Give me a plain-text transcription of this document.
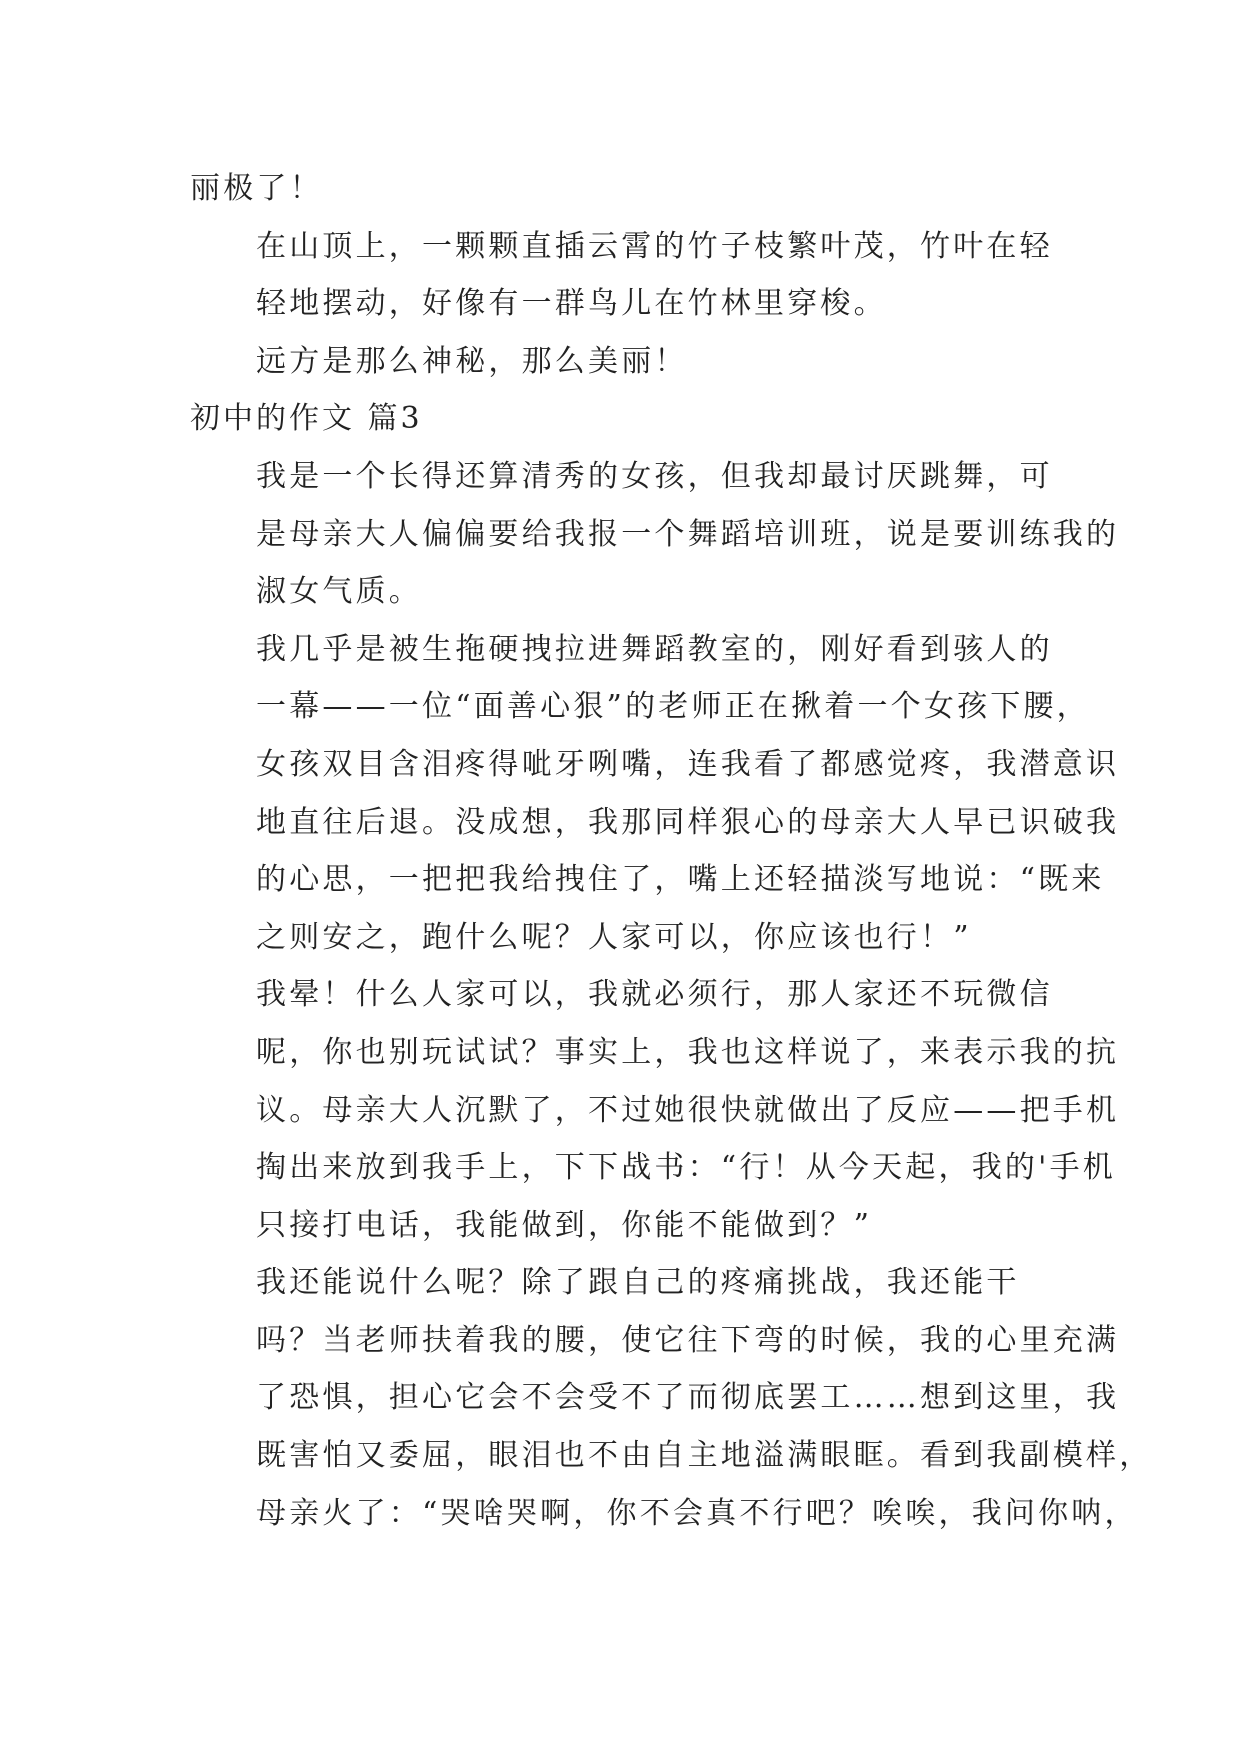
丽极了！
在山顶上，一颗颗直插云霄的竹子枝繁叶茂，竹叶在轻
轻地摆动，好像有一群鸟儿在竹林里穿梭。
远方是那么神秘，那么美丽！
初中的作文 篇3
我是一个长得还算清秀的女孩，但我却最讨厌跳舞，可
是母亲大人偏偏要给我报一个舞蹈培训班，说是要训练我的
淑女气质。
我几乎是被生拖硬拽拉进舞蹈教室的，刚好看到骇人的
一幕——一位“面善心狠”的老师正在揪着一个女孩下腰，
女孩双目含泪疼得呲牙咧嘴，连我看了都感觉疼，我潜意识
地直往后退。没成想，我那同样狠心的母亲大人早已识破我
的心思，一把把我给拽住了，嘴上还轻描淡写地说：“既来
之则安之，跑什么呢？人家可以，你应该也行！”
我晕！什么人家可以，我就必须行，那人家还不玩微信
呢，你也别玩试试？事实上，我也这样说了，来表示我的抗
议。母亲大人沉默了，不过她很快就做出了反应——把手机
掏出来放到我手上，下下战书：“行！从今天起，我的'手机
只接打电话，我能做到，你能不能做到？”
我还能说什么呢？除了跟自己的疼痛挑战，我还能干
吗？当老师扶着我的腰，使它往下弯的时候，我的心里充满
了恐惧，担心它会不会受不了而彻底罢工……想到这里，我
既害怕又委屈，眼泪也不由自主地溢满眼眶。看到我副模样，
母亲火了：“哭啥哭啊，你不会真不行吧？唉唉，我问你呐，
